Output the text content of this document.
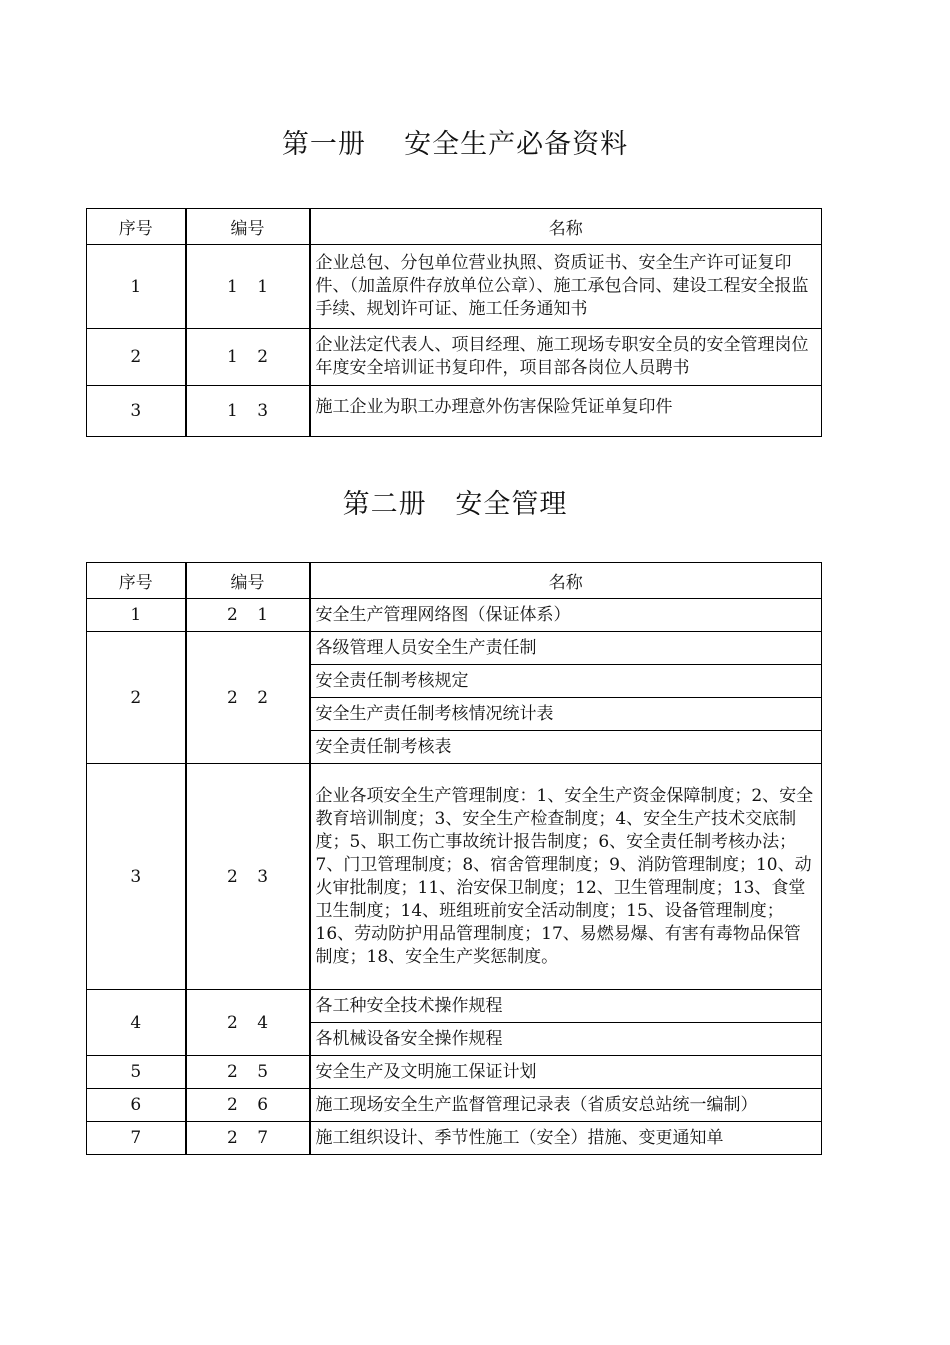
第一册    安全生产必备资料
序号	编号	名称
1	1 1	企业总包、分包单位营业执照、资质证书、安全生产许可证复印件、（加盖原件存放单位公章）、施工承包合同、建设工程安全报监手续、规划许可证、施工任务通知书
2	1 2	企业法定代表人、项目经理、施工现场专职安全员的安全管理岗位年度安全培训证书复印件，项目部各岗位人员聘书
3	1 3	施工企业为职工办理意外伤害保险凭证单复印件
第二册   安全管理
序号	编号	名称
1	2 1	安全生产管理网络图（保证体系）
2	2 2	各级管理人员安全生产责任制
		安全责任制考核规定
		安全生产责任制考核情况统计表
		安全责任制考核表
3	2 3	企业各项安全生产管理制度：1、安全生产资金保障制度；2、安全教育培训制度；3、安全生产检查制度；4、安全生产技术交底制度；5、职工伤亡事故统计报告制度；6、安全责任制考核办法；7、门卫管理制度；8、宿舍管理制度；9、消防管理制度；10、动火审批制度；11、治安保卫制度；12、卫生管理制度；13、食堂卫生制度；14、班组班前安全活动制度；15、设备管理制度；16、劳动防护用品管理制度；17、易燃易爆、有害有毒物品保管制度；18、安全生产奖惩制度。
4	2 4	各工种安全技术操作规程
		各机械设备安全操作规程
5	2 5	安全生产及文明施工保证计划
6	2 6	施工现场安全生产监督管理记录表（省质安总站统一编制）
7	2 7	施工组织设计、季节性施工（安全）措施、变更通知单
